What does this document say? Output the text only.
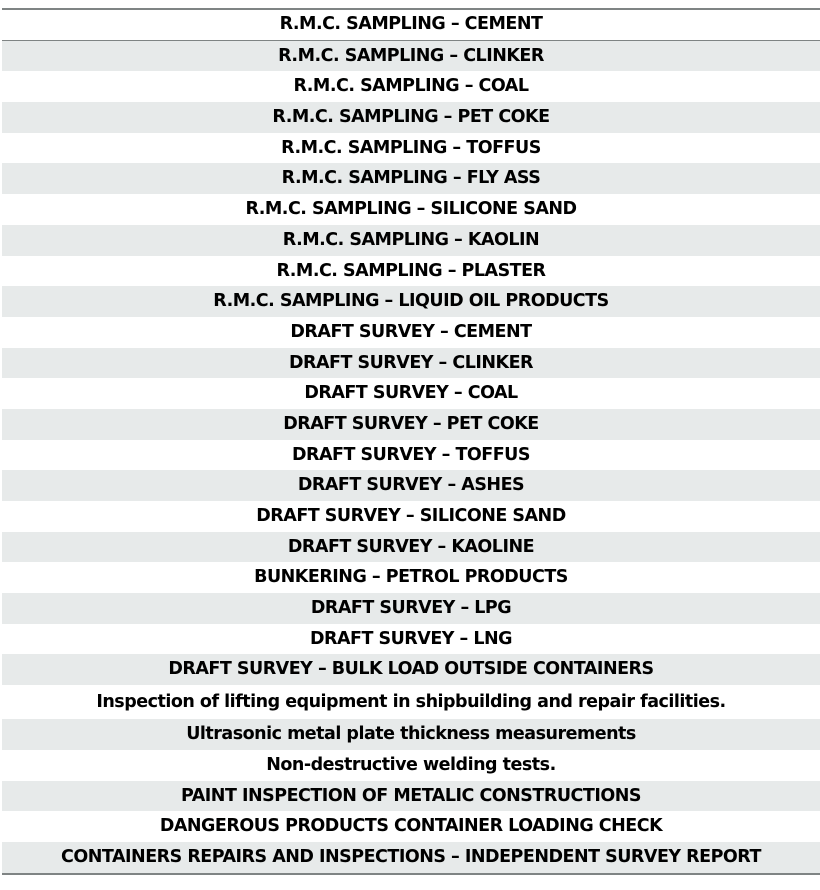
R.M.C. SAMPLING – CEMENT
R.M.C. SAMPLING – CLINKER
R.M.C. SAMPLING – COAL
R.M.C. SAMPLING – PET COKE
R.M.C. SAMPLING – TOFFUS
R.M.C. SAMPLING – FLY ASS
R.M.C. SAMPLING – SILICONE SAND
R.M.C. SAMPLING – KAOLIN
R.M.C. SAMPLING – PLASTER
R.M.C. SAMPLING – LIQUID OIL PRODUCTS
DRAFT SURVEY – CEMENT
DRAFT SURVEY – CLINKER
DRAFT SURVEY – COAL
DRAFT SURVEY – PET COKE
DRAFT SURVEY – TOFFUS
DRAFT SURVEY – ASHES
DRAFT SURVEY – SILICONE SAND
DRAFT SURVEY – KAOLINE
BUNKERING – PETROL PRODUCTS
DRAFT SURVEY – LPG
DRAFT SURVEY – LNG
DRAFT SURVEY – BULK LOAD OUTSIDE CONTAINERS
Inspection of lifting equipment in shipbuilding and repair facilities.
Ultrasonic metal plate thickness measurements
Non-destructive welding tests.
PAINT INSPECTION OF METALIC CONSTRUCTIONS
DANGEROUS PRODUCTS CONTAINER LOADING CHECK
CONTAINERS REPAIRS AND INSPECTIONS – INDEPENDENT SURVEY REPORT
